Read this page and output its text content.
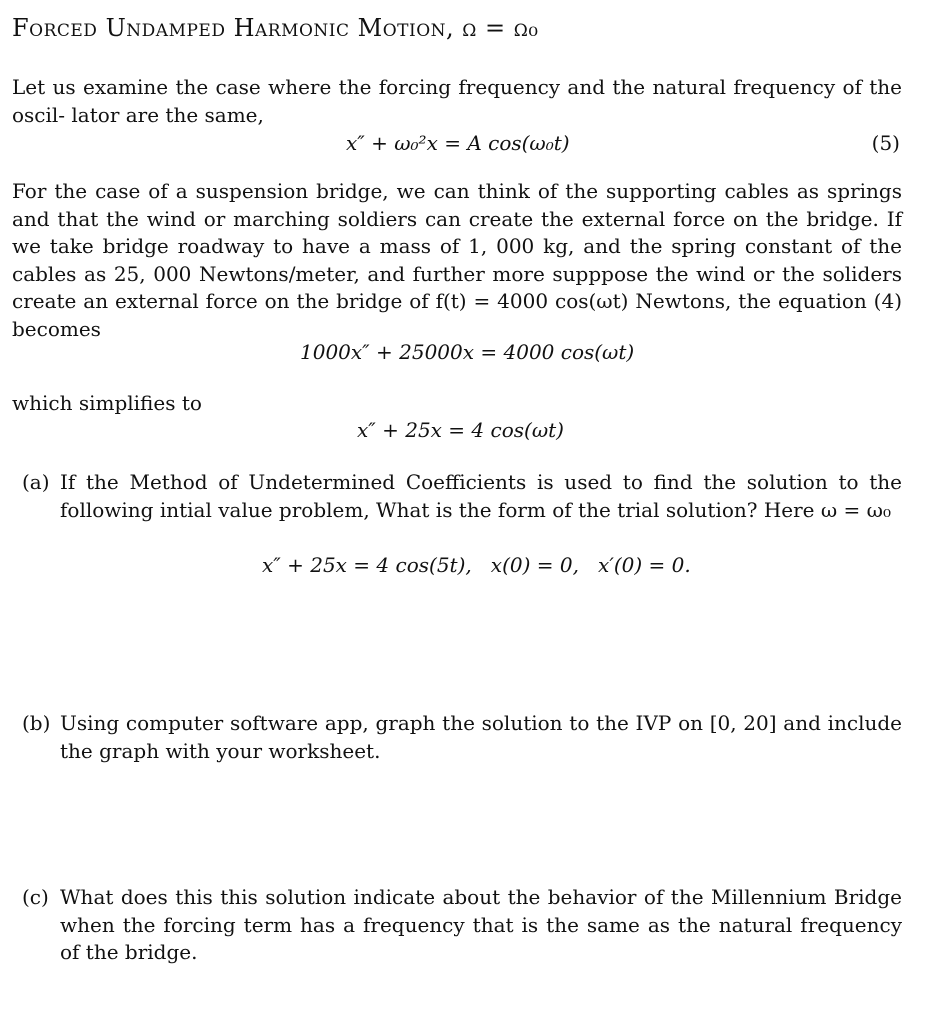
Forced Undamped Harmonic Motion, ω = ω₀
Let us examine the case where the forcing frequency and the natural frequency of the oscil- lator are the same,
x″ + ω₀²x = A cos(ω₀t)	(5)
For the case of a suspension bridge, we can think of the supporting cables as springs and that the wind or marching soldiers can create the external force on the bridge. If we take bridge roadway to have a mass of 1, 000 kg, and the spring constant of the cables as 25, 000 Newtons/meter, and further more supppose the wind or the soliders create an external force on the bridge of f(t) = 4000 cos(ωt) Newtons, the equation (4) becomes
1000x″ + 25000x = 4000 cos(ωt)
which simplifies to
x″ + 25x = 4 cos(ωt)
(a) If the Method of Undetermined Coefficients is used to find the solution to the following intial value problem, What is the form of the trial solution? Here ω = ω₀
x″ + 25x = 4 cos(5t),   x(0) = 0,   x′(0) = 0.
(b) Using computer software app, graph the solution to the IVP on [0, 20] and include the graph with your worksheet.
(c) What does this this solution indicate about the behavior of the Millennium Bridge when the forcing term has a frequency that is the same as the natural frequency of the bridge.
